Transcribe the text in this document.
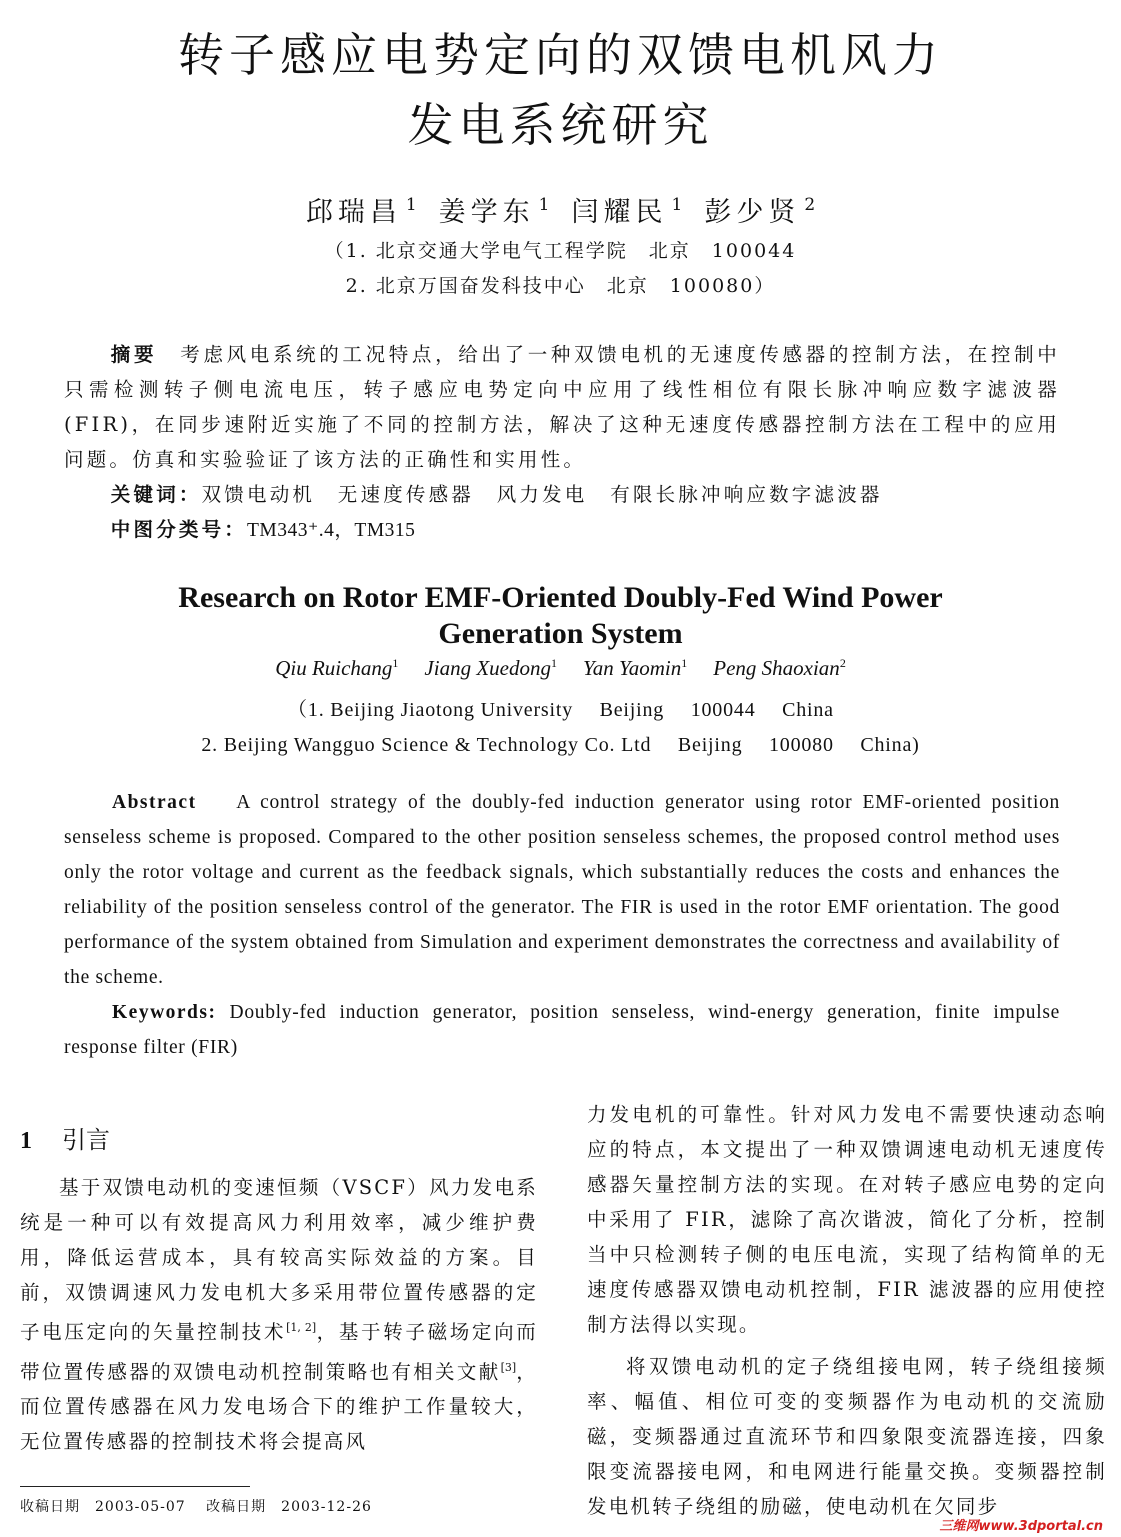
转子感应电势定向的双馈电机风力
发电系统研究
邱瑞昌 $^1$ 姜学东 $^1$ 闫耀民 $^1$ 彭少贤 $^2$
（1. 北京交通大学电气工程学院　北京　100044
2. 北京万国奋发科技中心　北京　100080）
摘要　 考虑风电系统的工况特点，给出了一种双馈电机的无速度传感器的控制方法，在控制中只需检测转子侧电流电压，转子感应电势定向中应用了线性相位有限长脉冲响应数字滤波器(FIR)，在同步速附近实施了不同的控制方法，解决了这种无速度传感器控制方法在工程中的应用问题。仿真和实验验证了该方法的正确性和实用性。
关键词：双馈电动机　无速度传感器　风力发电　有限长脉冲响应数字滤波器
中图分类号：TM343⁺.4，TM315
Research on Rotor EMF-Oriented Doubly-Fed Wind Power
Generation System
Qiu Ruichang$^1$ Jiang Xuedong$^1$ Yan Yaomin$^1$ Peng Shaoxian$^2$
（1. Beijing Jiaotong University　 Beijing　 100044　 China
2. Beijing Wangguo Science & Technology Co. Ltd　 Beijing　 100080　 China)
Abstract A control strategy of the doubly-fed induction generator using rotor EMF-oriented position senseless scheme is proposed. Compared to the other position senseless schemes, the proposed control method uses only the rotor voltage and current as the feedback signals, which substantially reduces the costs and enhances the reliability of the position senseless control of the generator. The FIR is used in the rotor EMF orientation. The good performance of the system obtained from Simulation and experiment demonstrates the correctness and availability of the scheme.
Keywords: Doubly-fed induction generator, position senseless, wind-energy generation, finite impulse response filter (FIR)
1 引言

基于双馈电动机的变速恒频（VSCF）风力发电系统是一种可以有效提高风力利用效率，减少维护费用，降低运营成本，具有较高实际效益的方案。目前，双馈调速风力发电机大多采用带位置传感器的定子电压定向的矢量控制技术[1, 2]，基于转子磁场定向而带位置传感器的双馈电动机控制策略也有相关文献[3]，而位置传感器在风力发电场合下的维护工作量较大，无位置传感器的控制技术将会提高风

力发电机的可靠性。针对风力发电不需要快速动态响应的特点，本文提出了一种双馈调速电动机无速度传感器矢量控制方法的实现。在对转子感应电势的定向中采用了 FIR，滤除了高次谐波，简化了分析，控制当中只检测转子侧的电压电流，实现了结构简单的无速度传感器双馈电动机控制，FIR 滤波器的应用使控制方法得以实现。

将双馈电动机的定子绕组接电网，转子绕组接频率、幅值、相位可变的变频器作为电动机的交流励磁，变频器通过直流环节和四象限变流器连接，四象限变流器接电网，和电网进行能量交换。变频器控制发电机转子绕组的励磁，使电动机在欠同步

收稿日期　2003-05-07　 改稿日期　2003-12-26
三维网www.3dportal.cn
